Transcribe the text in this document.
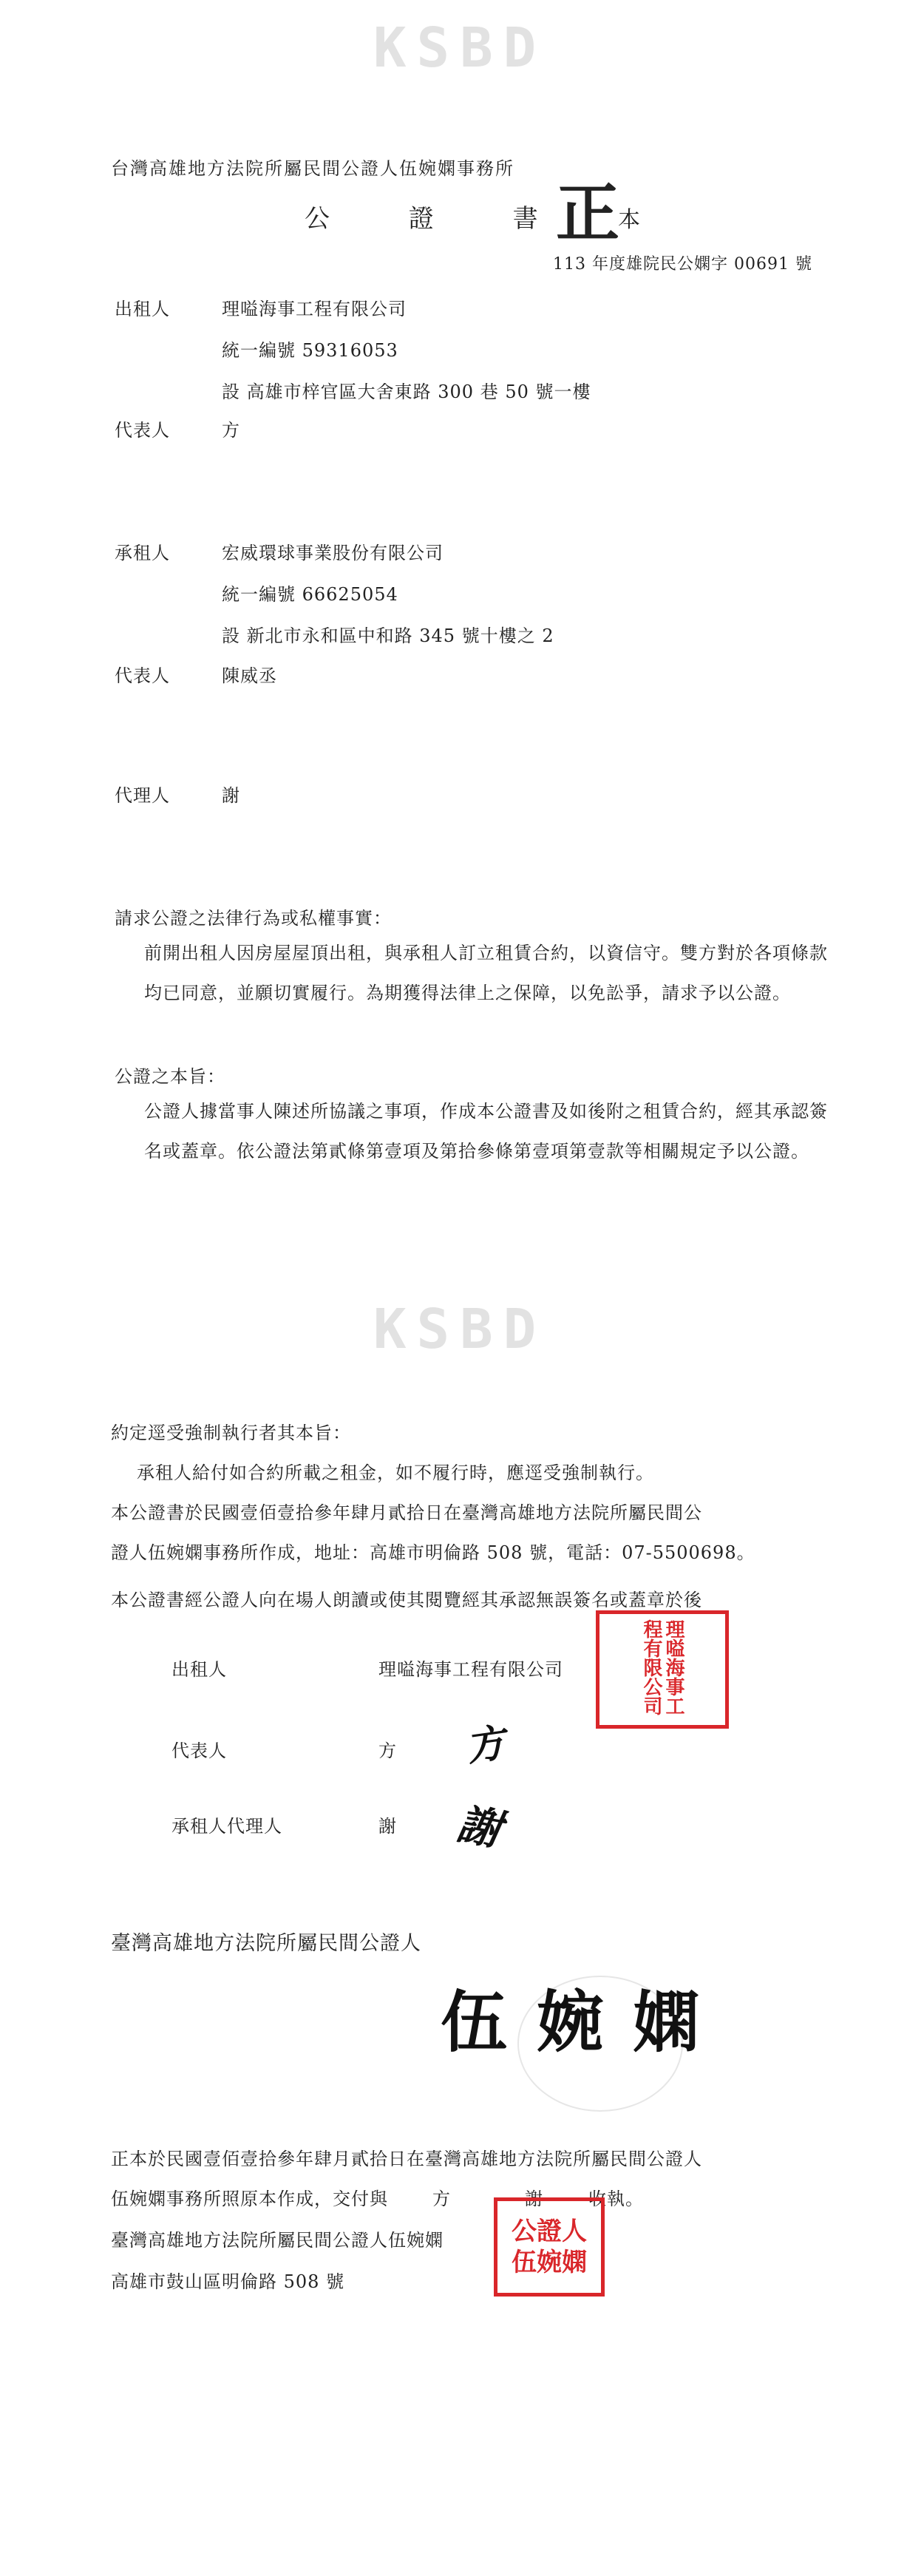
KSBD
KSBD
台灣高雄地方法院所屬民間公證人伍婉嫻事務所
公 證 書
正
本
113 年度雄院民公嫻字 00691 號
出租人	理嗌海事工程有限公司
統一編號 59316053
設 高雄市梓官區大舍東路 300 巷 50 號一樓
代表人	方
承租人	宏威環球事業股份有限公司
統一編號 66625054
設 新北市永和區中和路 345 號十樓之 2
代表人	陳威丞
代理人	謝
請求公證之法律行為或私權事實：
前開出租人因房屋屋頂出租，與承租人訂立租賃合約，以資信守。雙方對於各項條款均已同意，並願切實履行。為期獲得法律上之保障，以免訟爭，請求予以公證。
公證之本旨：
公證人據當事人陳述所協議之事項，作成本公證書及如後附之租賃合約，經其承認簽名或蓋章。依公證法第貳條第壹項及第拾參條第壹項第壹款等相關規定予以公證。
約定逕受強制執行者其本旨：
承租人給付如合約所載之租金，如不履行時，應逕受強制執行。
本公證書於民國壹佰壹拾參年肆月貳拾日在臺灣高雄地方法院所屬民間公
證人伍婉嫻事務所作成，地址：高雄市明倫路 508 號，電話：07-5500698。
本公證書經公證人向在場人朗讀或使其閱覽經其承認無誤簽名或蓋章於後
出租人	理嗌海事工程有限公司	理嗌海事工程有限公司
代表人	方 方
承租人代理人	謝 謝
臺灣高雄地方法院所屬民間公證人
伍婉嫻
正本於民國壹佰壹拾參年肆月貳拾日在臺灣高雄地方法院所屬民間公證人
伍婉嫻事務所照原本作成，交付與	方	謝	收執。
臺灣高雄地方法院所屬民間公證人伍婉嫻
高雄市鼓山區明倫路 508 號
公證人伍婉嫻
